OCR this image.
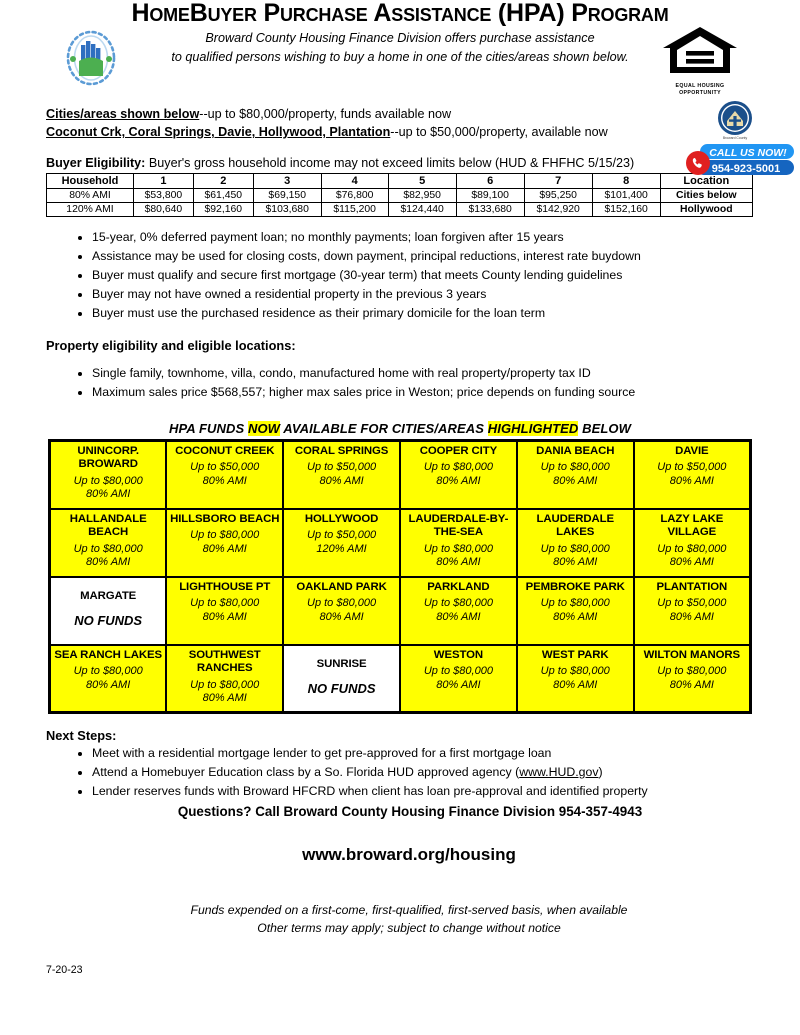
EQUAL HOUSING
OPPORTUNITY
HomeBuyer Purchase Assistance (HPA) Program
Broward County Housing Finance Division offers purchase assistance
to qualified persons wishing to buy a home in one of the cities/areas shown below.
Broward County
CALL US NOW!
954-923-5001
Cities/areas shown below--up to $80,000/property, funds available now
Coconut Crk, Coral Springs, Davie, Hollywood, Plantation--up to $50,000/property, available now
Buyer Eligibility: Buyer's gross household income may not exceed limits below (HUD & FHFHC 5/15/23)
Household	1	2	3	4	5	6	7	8	Location
80% AMI	$53,800	$61,450	$69,150	$76,800	$82,950	$89,100	$95,250	$101,400	Cities below
120% AMI	$80,640	$92,160	$103,680	$115,200	$124,440	$133,680	$142,920	$152,160	Hollywood
• 15-year, 0% deferred payment loan; no monthly payments; loan forgiven after 15 years
• Assistance may be used for closing costs, down payment, principal reductions, interest rate buydown
• Buyer must qualify and secure first mortgage (30-year term) that meets County lending guidelines
• Buyer may not have owned a residential property in the previous 3 years
• Buyer must use the purchased residence as their primary domicile for the loan term
Property eligibility and eligible locations:
• Single family, townhome, villa, condo, manufactured home with real property/property tax ID
• Maximum sales price $568,557; higher max sales price in Weston; price depends on funding source
HPA FUNDS NOW AVAILABLE FOR CITIES/AREAS HIGHLIGHTED BELOW
UNINCORP. BROWARD
Up to $80,000
80% AMI

COCONUT CREEK
Up to $50,000
80% AMI

CORAL SPRINGS
Up to $50,000
80% AMI

COOPER CITY
Up to $80,000
80% AMI

DANIA BEACH
Up to $80,000
80% AMI

DAVIE
Up to $50,000
80% AMI

HALLANDALE BEACH
Up to $80,000
80% AMI

HILLSBORO BEACH
Up to $80,000
80% AMI

HOLLYWOOD
Up to $50,000
120% AMI

LAUDERDALE-BY-THE-SEA
Up to $80,000
80% AMI

LAUDERDALE LAKES
Up to $80,000
80% AMI

LAZY LAKE VILLAGE
Up to $80,000
80% AMI

MARGATE
NO FUNDS

LIGHTHOUSE PT
Up to $80,000
80% AMI

OAKLAND PARK
Up to $80,000
80% AMI

PARKLAND
Up to $80,000
80% AMI

PEMBROKE PARK
Up to $80,000
80% AMI

PLANTATION
Up to $50,000
80% AMI

SEA RANCH LAKES
Up to $80,000
80% AMI

SOUTHWEST RANCHES
Up to $80,000
80% AMI

SUNRISE
NO FUNDS

WESTON
Up to $80,000
80% AMI

WEST PARK
Up to $80,000
80% AMI

WILTON MANORS
Up to $80,000
80% AMI
Next Steps:
• Meet with a residential mortgage lender to get pre-approved for a first mortgage loan
• Attend a Homebuyer Education class by a So. Florida HUD approved agency (www.HUD.gov)
• Lender reserves funds with Broward HFCRD when client has loan pre-approval and identified property
Questions? Call Broward County Housing Finance Division 954-357-4943
www.broward.org/housing
Funds expended on a first-come, first-qualified, first-served basis, when available
Other terms may apply; subject to change without notice
7-20-23
